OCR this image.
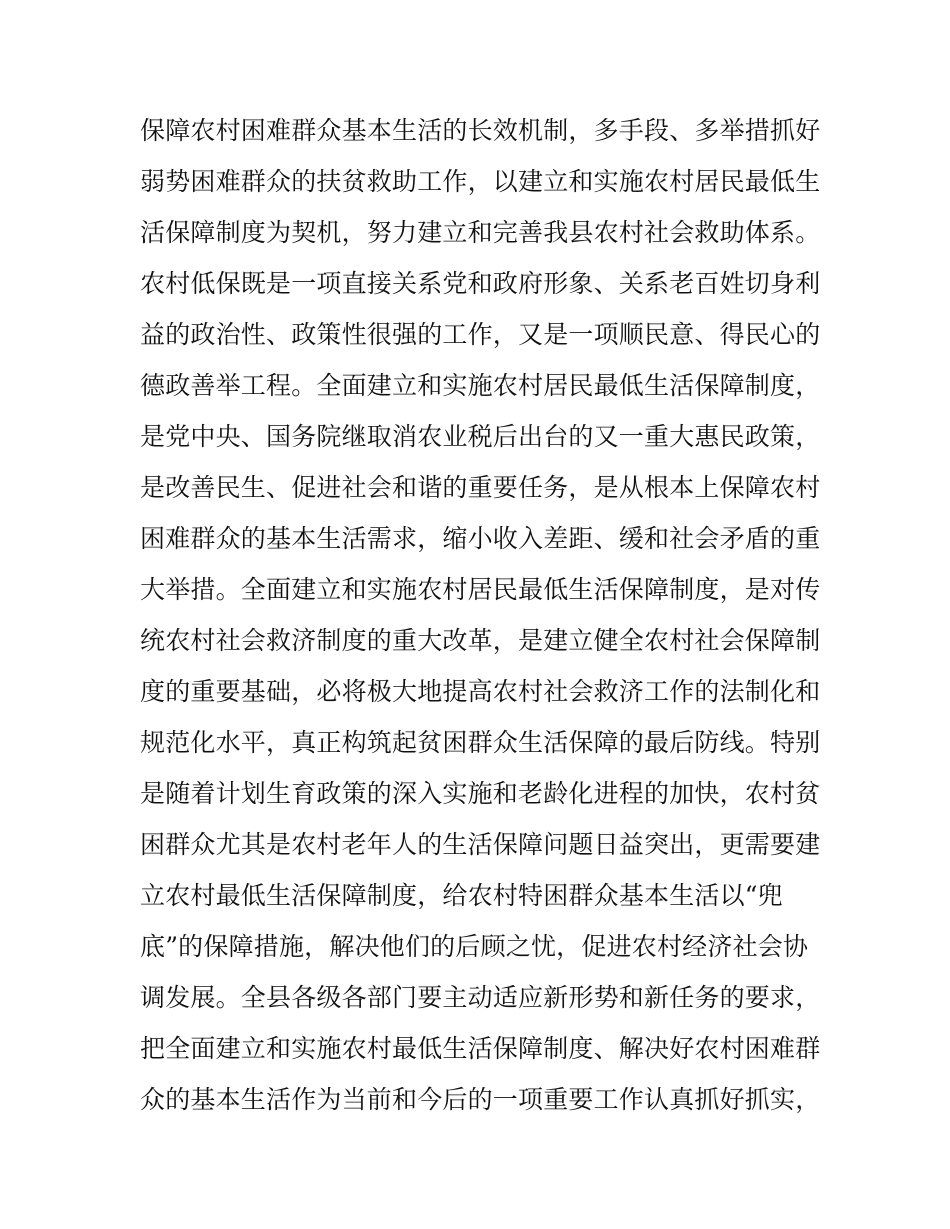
保障农村困难群众基本生活的长效机制，多手段、多举措抓好
弱势困难群众的扶贫救助工作，以建立和实施农村居民最低生
活保障制度为契机，努力建立和完善我县农村社会救助体系。
农村低保既是一项直接关系党和政府形象、关系老百姓切身利
益的政治性、政策性很强的工作，又是一项顺民意、得民心的
德政善举工程。全面建立和实施农村居民最低生活保障制度，
是党中央、国务院继取消农业税后出台的又一重大惠民政策，
是改善民生、促进社会和谐的重要任务，是从根本上保障农村
困难群众的基本生活需求，缩小收入差距、缓和社会矛盾的重
大举措。全面建立和实施农村居民最低生活保障制度，是对传
统农村社会救济制度的重大改革，是建立健全农村社会保障制
度的重要基础，必将极大地提高农村社会救济工作的法制化和
规范化水平，真正构筑起贫困群众生活保障的最后防线。特别
是随着计划生育政策的深入实施和老龄化进程的加快，农村贫
困群众尤其是农村老年人的生活保障问题日益突出，更需要建
立农村最低生活保障制度，给农村特困群众基本生活以“兜
底”的保障措施，解决他们的后顾之忧，促进农村经济社会协
调发展。全县各级各部门要主动适应新形势和新任务的要求，
把全面建立和实施农村最低生活保障制度、解决好农村困难群
众的基本生活作为当前和今后的一项重要工作认真抓好抓实，
